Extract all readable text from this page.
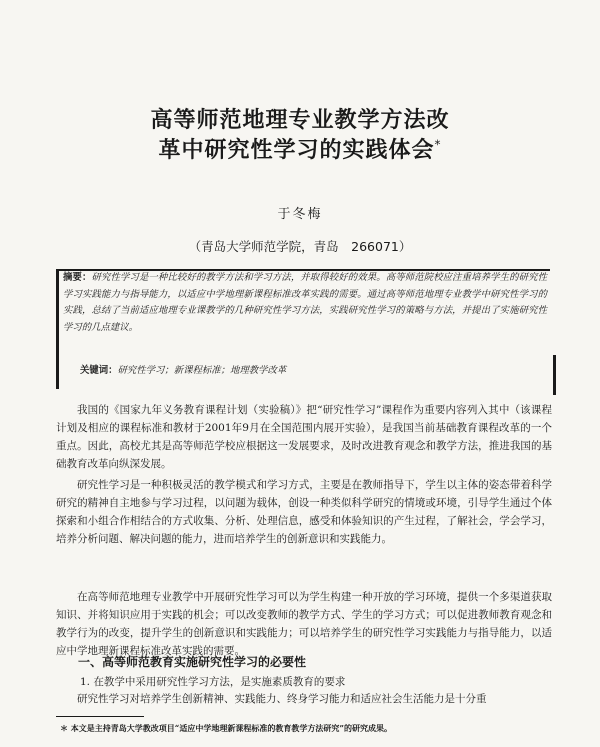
高等师范地理专业教学方法改
革中研究性学习的实践体会*
于冬梅
（青岛大学师范学院，青岛　266071）

摘要：研究性学习是一种比较好的教学方法和学习方法，并取得较好的效果。高等师范院校应注重培养学生的研究性学习实践能力与指导能力，以适应中学地理新课程标准改革实践的需要。通过高等师范地理专业教学中研究性学习的实践，总结了当前适应地理专业课教学的几种研究性学习方法，实践研究性学习的策略与方法，并提出了实施研究性学习的几点建议。

关键词：研究性学习；新课程标准；地理教学改革

我国的《国家九年义务教育课程计划（实验稿）》把“研究性学习”课程作为重要内容列入其中（该课程计划及相应的课程标准和教材于2001年9月在全国范围内展开实验），是我国当前基础教育课程改革的一个重点。因此，高校尤其是高等师范学校应根据这一发展要求，及时改进教育观念和教学方法，推进我国的基础教育改革向纵深发展。

研究性学习是一种积极灵活的教学模式和学习方式，主要是在教师指导下，学生以主体的姿态带着科学研究的精神自主地参与学习过程，以问题为载体，创设一种类似科学研究的情境或环境，引导学生通过个体探索和小组合作相结合的方式收集、分析、处理信息，感受和体验知识的产生过程，了解社会，学会学习，培养分析问题、解决问题的能力，进而培养学生的创新意识和实践能力。

在高等师范地理专业教学中开展研究性学习可以为学生构建一种开放的学习环境，提供一个多渠道获取知识、并将知识应用于实践的机会；可以改变教师的教学方式、学生的学习方式；可以促进教师教育观念和教学行为的改变，提升学生的创新意识和实践能力；可以培养学生的研究性学习实践能力与指导能力，以适应中学地理新课程标准改革实践的需要。

一、高等师范教育实施研究性学习的必要性

1. 在教学中采用研究性学习方法，是实施素质教育的要求

研究性学习对培养学生创新精神、实践能力、终身学习能力和适应社会生活能力是十分重

＊ 本文是主持青岛大学教改项目“适应中学地理新课程标准的教育教学方法研究”的研究成果。
